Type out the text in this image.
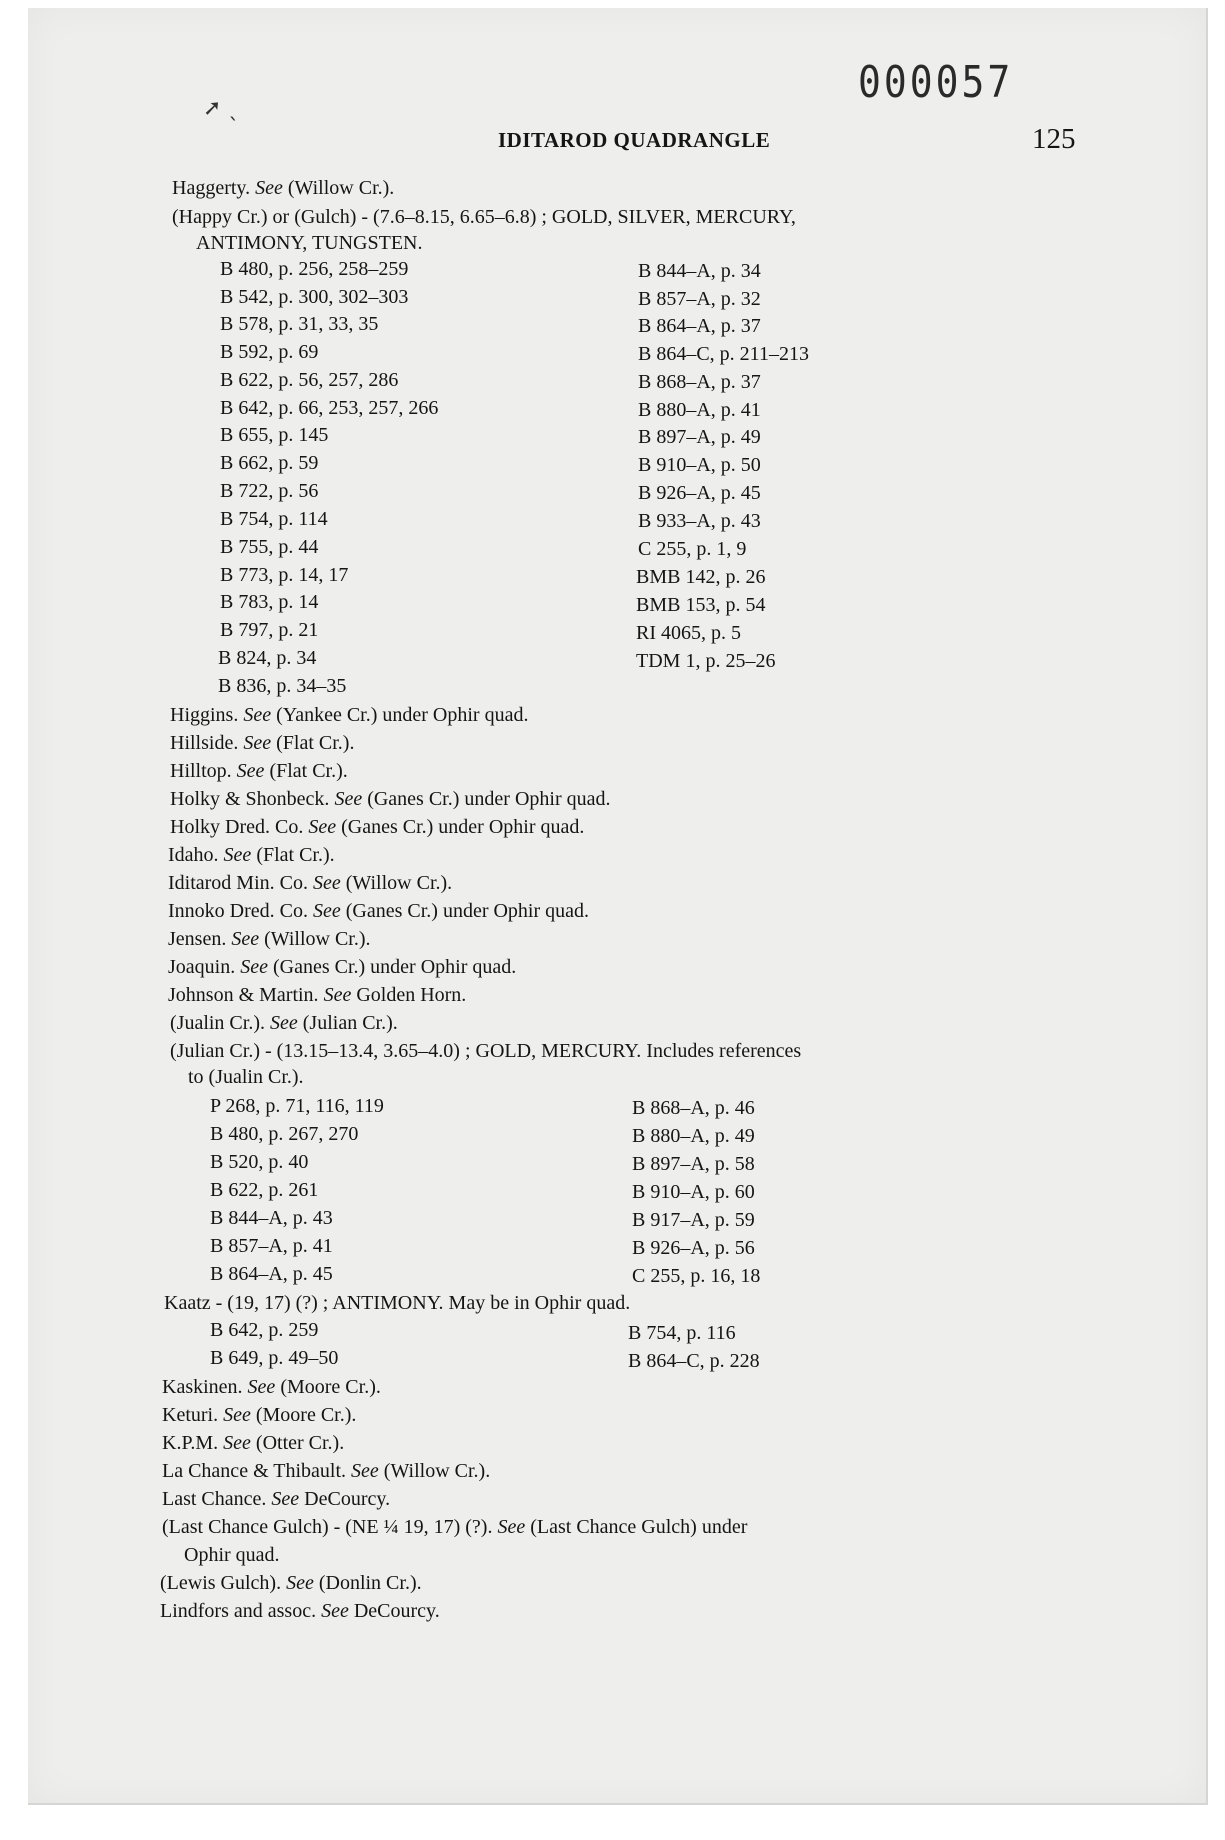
➚ ˎ
000057
IDITAROD QUADRANGLE	125
Haggerty. See (Willow Cr.).
(Happy Cr.) or (Gulch) - (7.6–8.15, 6.65–6.8) ; GOLD, SILVER, MERCURY,
ANTIMONY, TUNGSTEN.
B 480, p. 256, 258–259	B 844–A, p. 34
B 542, p. 300, 302–303	B 857–A, p. 32
B 578, p. 31, 33, 35	B 864–A, p. 37
B 592, p. 69	B 864–C, p. 211–213
B 622, p. 56, 257, 286	B 868–A, p. 37
B 642, p. 66, 253, 257, 266	B 880–A, p. 41
B 655, p. 145	B 897–A, p. 49
B 662, p. 59	B 910–A, p. 50
B 722, p. 56	B 926–A, p. 45
B 754, p. 114	B 933–A, p. 43
B 755, p. 44	C 255, p. 1, 9
B 773, p. 14, 17	BMB 142, p. 26
B 783, p. 14	BMB 153, p. 54
B 797, p. 21	RI 4065, p. 5
B 824, p. 34	TDM 1, p. 25–26
B 836, p. 34–35
Higgins. See (Yankee Cr.) under Ophir quad.
Hillside. See (Flat Cr.).
Hilltop. See (Flat Cr.).
Holky & Shonbeck. See (Ganes Cr.) under Ophir quad.
Holky Dred. Co. See (Ganes Cr.) under Ophir quad.
Idaho. See (Flat Cr.).
Iditarod Min. Co. See (Willow Cr.).
Innoko Dred. Co. See (Ganes Cr.) under Ophir quad.
Jensen. See (Willow Cr.).
Joaquin. See (Ganes Cr.) under Ophir quad.
Johnson & Martin. See Golden Horn.
(Jualin Cr.). See (Julian Cr.).
(Julian Cr.) - (13.15–13.4, 3.65–4.0) ; GOLD, MERCURY. Includes references
to (Jualin Cr.).
P 268, p. 71, 116, 119	B 868–A, p. 46
B 480, p. 267, 270	B 880–A, p. 49
B 520, p. 40	B 897–A, p. 58
B 622, p. 261	B 910–A, p. 60
B 844–A, p. 43	B 917–A, p. 59
B 857–A, p. 41	B 926–A, p. 56
B 864–A, p. 45	C 255, p. 16, 18
Kaatz - (19, 17) (?) ; ANTIMONY. May be in Ophir quad.
B 642, p. 259	B 754, p. 116
B 649, p. 49–50	B 864–C, p. 228
Kaskinen. See (Moore Cr.).
Keturi. See (Moore Cr.).
K.P.M. See (Otter Cr.).
La Chance & Thibault. See (Willow Cr.).
Last Chance. See DeCourcy.
(Last Chance Gulch) - (NE ¼ 19, 17) (?). See (Last Chance Gulch) under
Ophir quad.
(Lewis Gulch). See (Donlin Cr.).
Lindfors and assoc. See DeCourcy.
